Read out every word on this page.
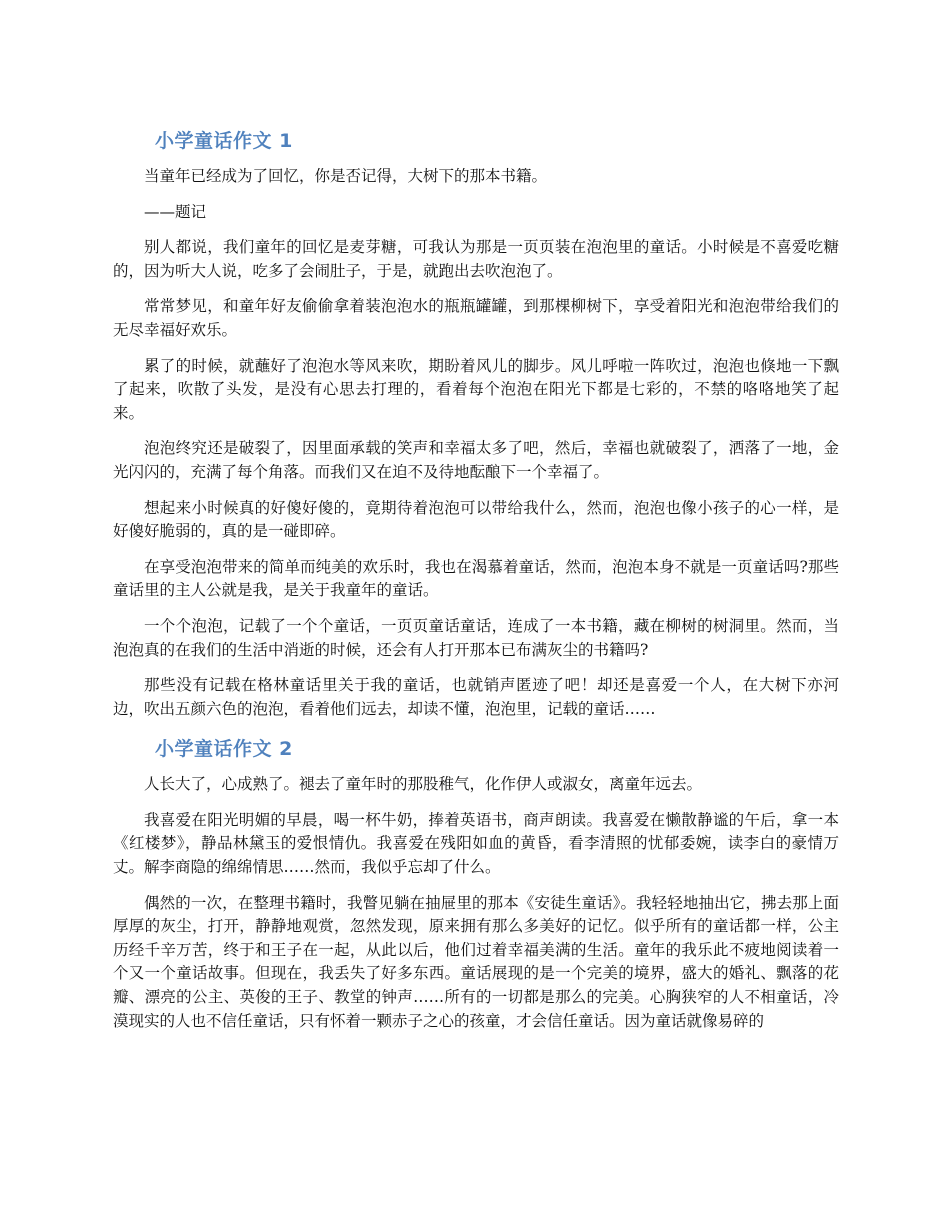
小学童话作文 1

当童年已经成为了回忆，你是否记得，大树下的那本书籍。

——题记

别人都说，我们童年的回忆是麦芽糖，可我认为那是一页页装在泡泡里的童话。小时候是不喜爱吃糖的，因为听大人说，吃多了会闹肚子，于是，就跑出去吹泡泡了。

常常梦见，和童年好友偷偷拿着装泡泡水的瓶瓶罐罐，到那棵柳树下，享受着阳光和泡泡带给我们的无尽幸福好欢乐。

累了的时候，就蘸好了泡泡水等风来吹，期盼着风儿的脚步。风儿呼啦一阵吹过，泡泡也倏地一下飘了起来，吹散了头发，是没有心思去打理的，看着每个泡泡在阳光下都是七彩的，不禁的咯咯地笑了起来。

泡泡终究还是破裂了，因里面承载的笑声和幸福太多了吧，然后，幸福也就破裂了，洒落了一地，金光闪闪的，充满了每个角落。而我们又在迫不及待地酝酿下一个幸福了。

想起来小时候真的好傻好傻的，竟期待着泡泡可以带给我什么，然而，泡泡也像小孩子的心一样，是好傻好脆弱的，真的是一碰即碎。

在享受泡泡带来的简单而纯美的欢乐时，我也在渴慕着童话，然而，泡泡本身不就是一页童话吗?那些童话里的主人公就是我，是关于我童年的童话。

一个个泡泡，记载了一个个童话，一页页童话童话，连成了一本书籍，藏在柳树的树洞里。然而，当泡泡真的在我们的生活中消逝的时候，还会有人打开那本已布满灰尘的书籍吗?

那些没有记载在格林童话里关于我的童话，也就销声匿迹了吧！却还是喜爱一个人，在大树下亦河边，吹出五颜六色的泡泡，看着他们远去，却读不懂，泡泡里，记载的童话……

小学童话作文 2

人长大了，心成熟了。褪去了童年时的那股稚气，化作伊人或淑女，离童年远去。

我喜爱在阳光明媚的早晨，喝一杯牛奶，捧着英语书，商声朗读。我喜爱在懒散静谧的午后，拿一本《红楼梦》，静品林黛玉的爱恨情仇。我喜爱在残阳如血的黄昏，看李清照的忧郁委婉，读李白的豪情万丈。解李商隐的绵绵情思……然而，我似乎忘却了什么。

偶然的一次，在整理书籍时，我瞥见躺在抽屉里的那本《安徒生童话》。我轻轻地抽出它，拂去那上面厚厚的灰尘，打开，静静地观赏，忽然发现，原来拥有那么多美好的记忆。似乎所有的童话都一样，公主历经千辛万苦，终于和王子在一起，从此以后，他们过着幸福美满的生活。童年的我乐此不疲地阅读着一个又一个童话故事。但现在，我丢失了好多东西。童话展现的是一个完美的境界，盛大的婚礼、飘落的花瓣、漂亮的公主、英俊的王子、教堂的钟声……所有的一切都是那么的完美。心胸狭窄的人不相童话，冷漠现实的人也不信任童话，只有怀着一颗赤子之心的孩童，才会信任童话。因为童话就像易碎的
